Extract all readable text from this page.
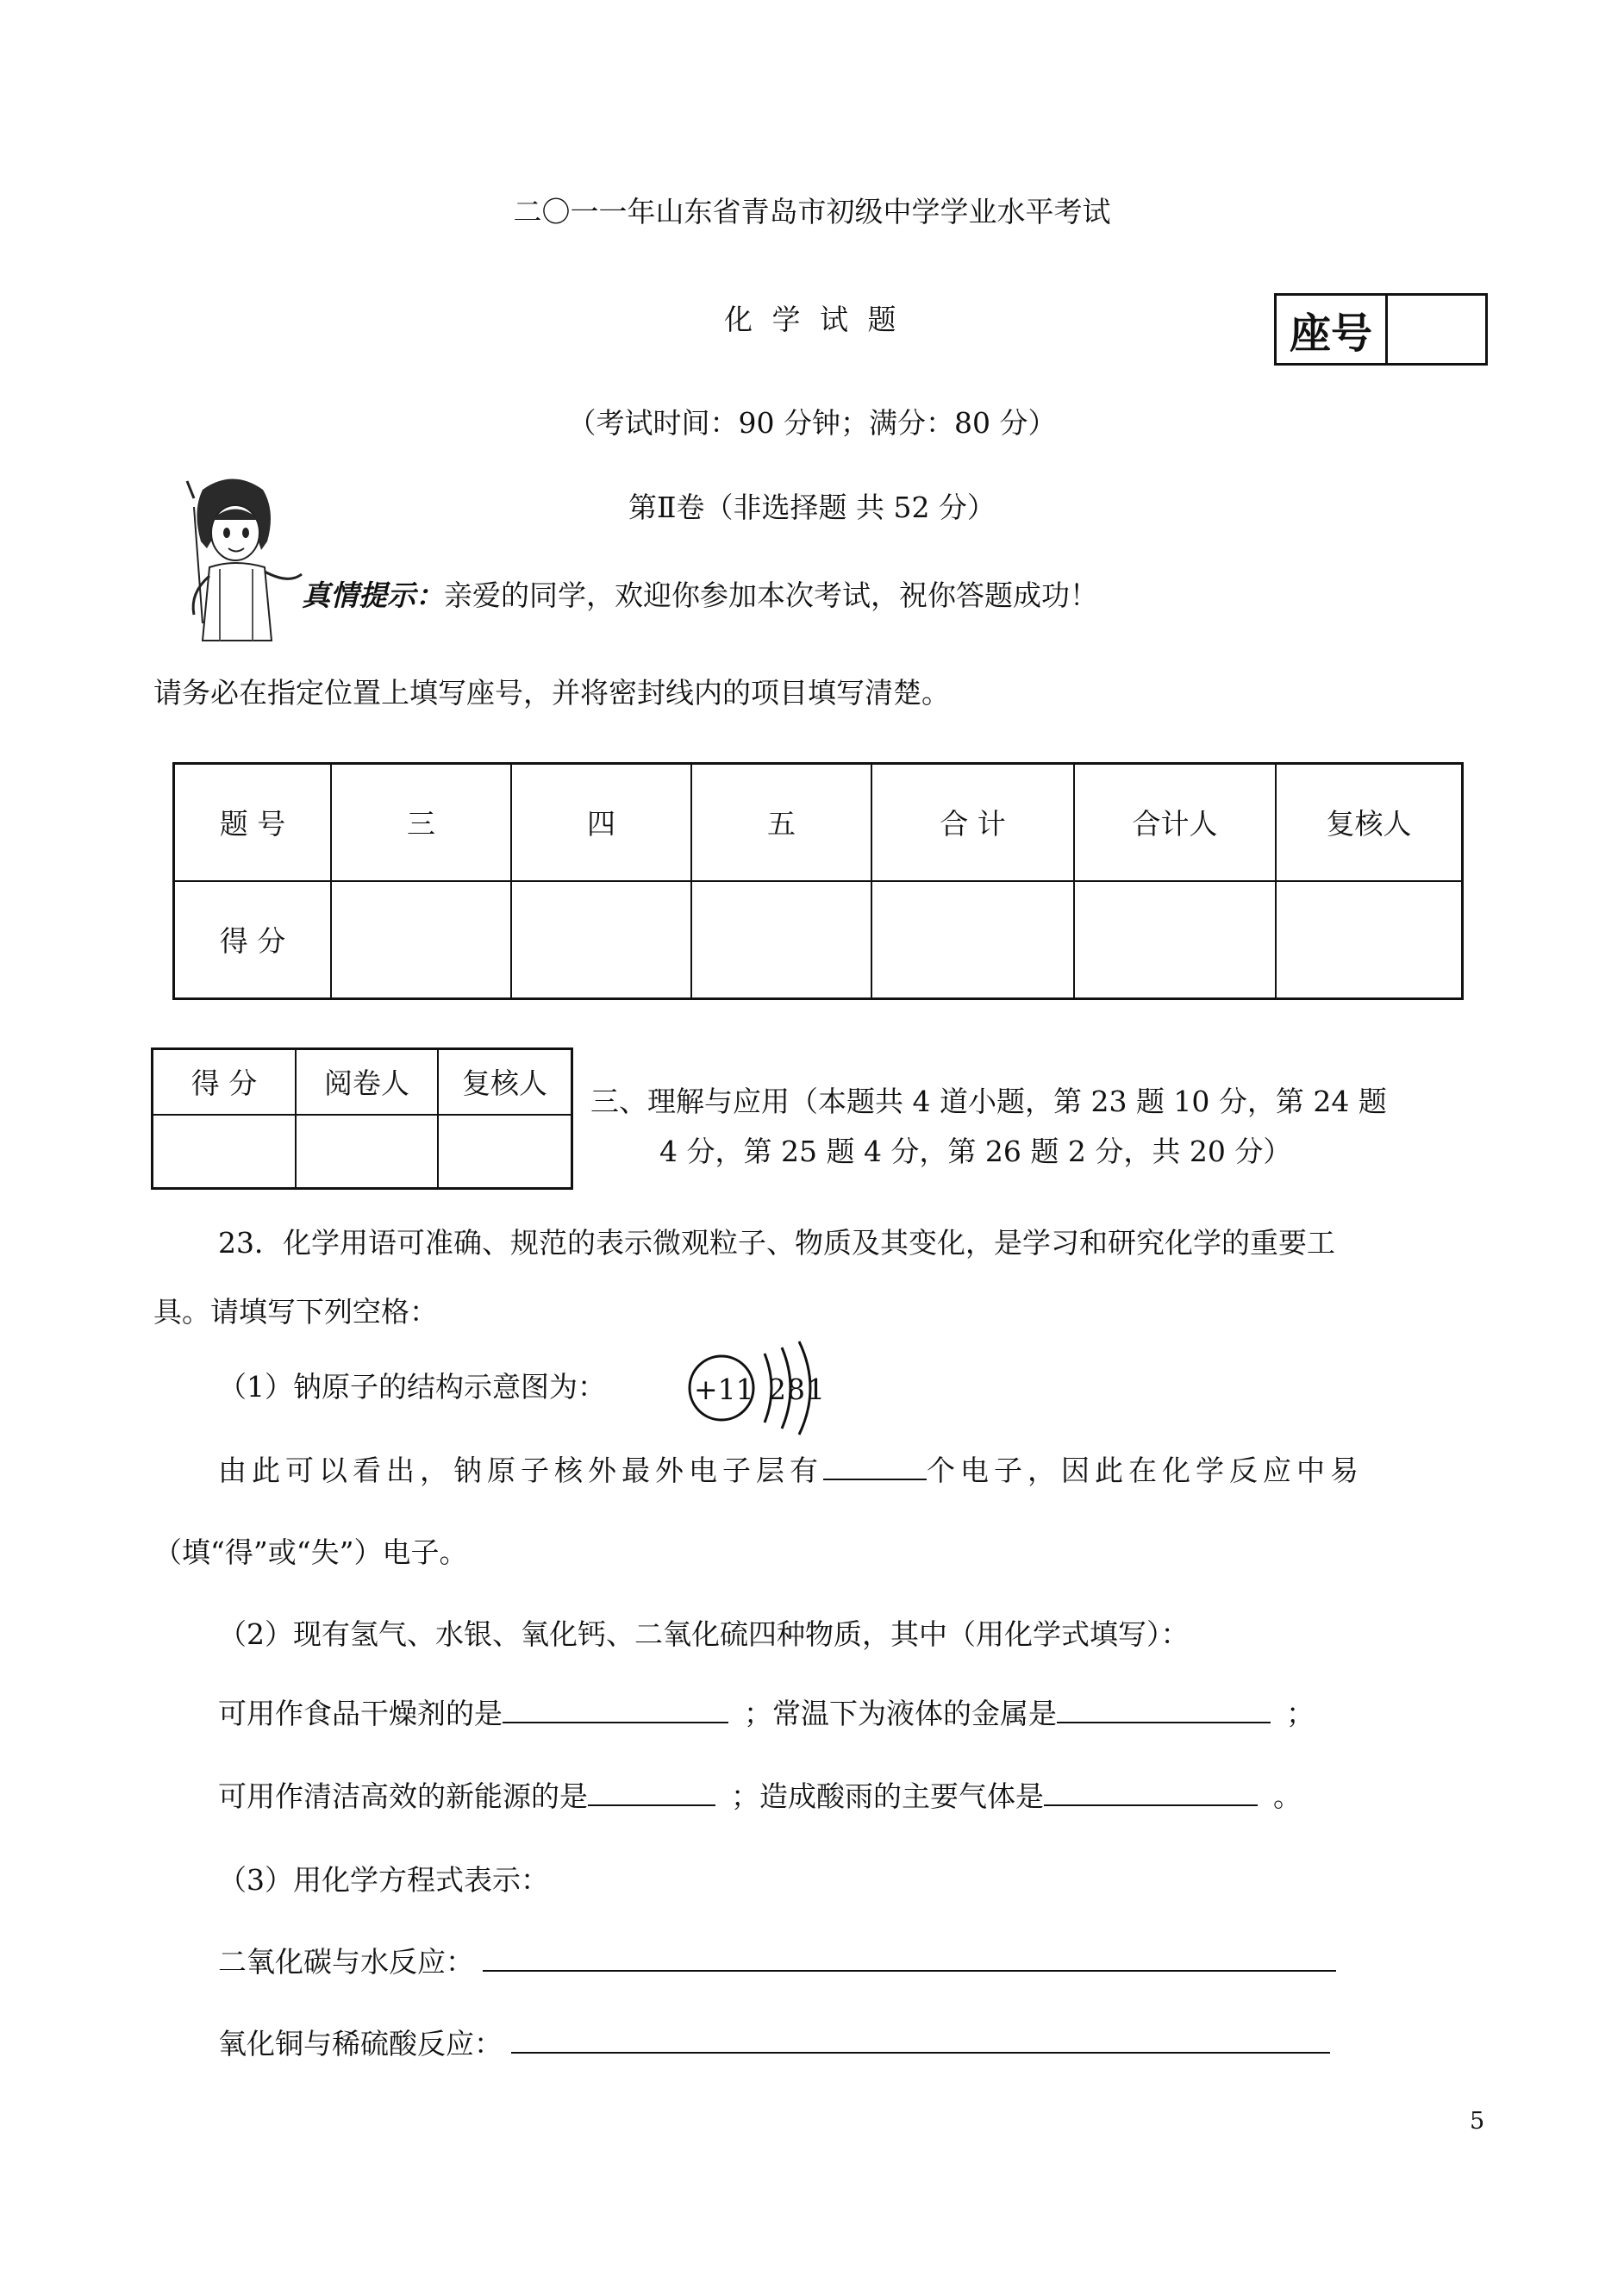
二〇一一年山东省青岛市初级中学学业水平考试
化 学 试 题	座号
（考试时间：90 分钟；满分：80 分）
第Ⅱ卷（非选择题 共 52 分）
真情提示：亲爱的同学，欢迎你参加本次考试，祝你答题成功！
请务必在指定位置上填写座号，并将密封线内的项目填写清楚。
题 号	三	四	五	合 计	合计人	复核人
得 分						
得 分	阅卷人	复核人

三、理解与应用（本题共 4 道小题，第 23 题 10 分，第 24 题
4 分，第 25 题 4 分，第 26 题 2 分，共 20 分）
23．化学用语可准确、规范的表示微观粒子、物质及其变化，是学习和研究化学的重要工
具。请填写下列空格：
（1）钠原子的结构示意图为：	+11 2 8 1
由此可以看出，钠原子核外最外电子层有	个电子，因此在化学反应中易
（填“得”或“失”）电子。
（2）现有氢气、水银、氧化钙、二氧化硫四种物质，其中（用化学式填写）：
可用作食品干燥剂的是	；常温下为液体的金属是	；
可用作清洁高效的新能源的是	；造成酸雨的主要气体是	。
（3）用化学方程式表示：
二氧化碳与水反应：
氧化铜与稀硫酸反应：
5
